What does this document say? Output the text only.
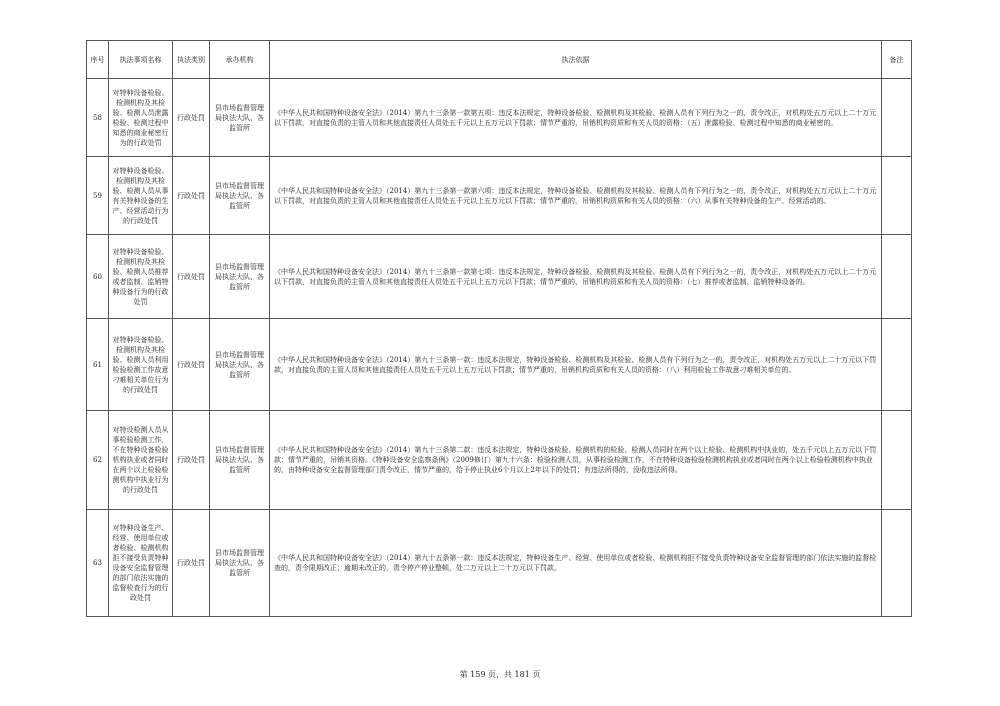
序号	执法事项名称	执法类别	承办机构	执法依据	备注
58	对特种设备检验、检测机构及其检验、检测人员泄露检验、检测过程中知悉的商业秘密行为的行政处罚	行政处罚	县市场监督管理局执法大队、各监管所	《中华人民共和国特种设备安全法》（2014）第九十三条第一款第五项：违反本法规定，特种设备检验、检测机构及其检验、检测人员有下列行为之一的，责令改正，对机构处五万元以上二十万元以下罚款，对直接负责的主管人员和其他直接责任人员处五千元以上五万元以下罚款；情节严重的，吊销机构资质和有关人员的资格：（五）泄露检验、检测过程中知悉的商业秘密的。	
59	对特种设备检验、检测机构及其检验、检测人员从事有关特种设备的生产、经营活动行为的行政处罚	行政处罚	县市场监督管理局执法大队、各监管所	《中华人民共和国特种设备安全法》（2014）第九十三条第一款第六项：违反本法规定，特种设备检验、检测机构及其检验、检测人员有下列行为之一的，责令改正，对机构处五万元以上二十万元以下罚款，对直接负责的主管人员和其他直接责任人员处五千元以上五万元以下罚款；情节严重的，吊销机构资质和有关人员的资格：（六）从事有关特种设备的生产、经营活动的。	
60	对特种设备检验、检测机构及其检验、检测人员推荐或者监制、监销特种设备行为的行政处罚	行政处罚	县市场监督管理局执法大队、各监管所	《中华人民共和国特种设备安全法》（2014）第九十三条第一款第七项：违反本法规定，特种设备检验、检测机构及其检验、检测人员有下列行为之一的，责令改正，对机构处五万元以上二十万元以下罚款，对直接负责的主管人员和其他直接责任人员处五千元以上五万元以下罚款；情节严重的，吊销机构资质和有关人员的资格：（七）推荐或者监制、监销特种设备的。	
61	对特种设备检验、检测机构及其检验、检测人员利用检验检测工作故意刁难相关单位行为的行政处罚	行政处罚	县市场监督管理局执法大队、各监管所	《中华人民共和国特种设备安全法》（2014）第九十三条第一款：违反本法规定，特种设备检验、检测机构及其检验、检测人员有下列行为之一的，责令改正，对机构处五万元以上二十万元以下罚款，对直接负责的主管人员和其他直接责任人员处五千元以上五万元以下罚款；情节严重的，吊销机构资质和有关人员的资格：（八）利用检验工作故意刁难相关单位的。	
62	对特设检测人员从事检验检测工作，不在特种设备检验机构执业或者同时在两个以上检验检测机构中执业行为的行政处罚	行政处罚	县市场监督管理局执法大队、各监管所	《中华人民共和国特种设备安全法》（2014）第九十三条第二款：违反本法规定，特种设备检验、检测机构的检验、检测人员同时在两个以上检验、检测机构中执业的，处五千元以上五万元以下罚款；情节严重的，吊销其资格。《特种设备安全监察条例》（2009修订）第九十六条：检验检测人员，从事检验检测工作，不在特种设备检验检测机构执业或者同时在两个以上检验检测机构中执业的，由特种设备安全监督管理部门责令改正，情节严重的，给予停止执业6个月以上2年以下的处罚；有违法所得的，没收违法所得。	
63	对特种设备生产、经营、使用单位或者检验、检测机构拒不接受负责特种设备安全监督管理的部门依法实施的监督检查行为的行政处罚	行政处罚	县市场监督管理局执法大队、各监管所	《中华人民共和国特种设备安全法》（2014）第九十五条第一款：违反本法规定，特种设备生产、经营、使用单位或者检验、检测机构拒不接受负责特种设备安全监督管理的部门依法实施的监督检查的，责令限期改正；逾期未改正的，责令停产停业整顿，处二万元以上二十万元以下罚款。	
第 159 页，共 181 页
